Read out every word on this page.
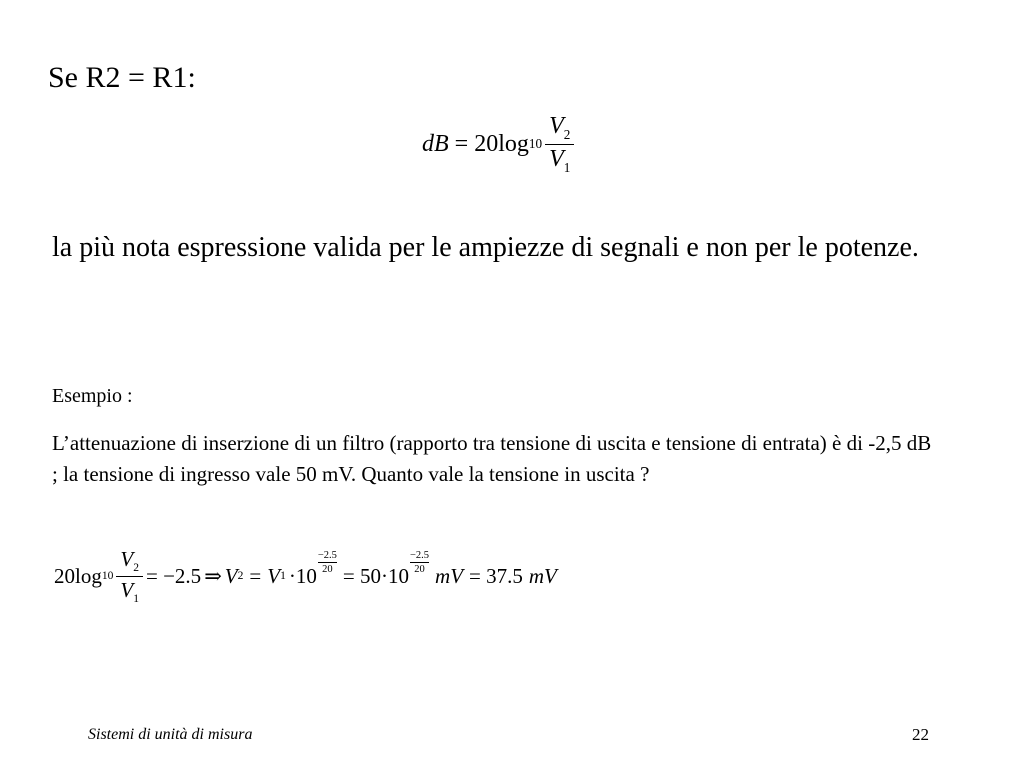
Se R2 = R1:
dB = 20log $10 \frac{V_2}{V_1}$
la più nota espressione valida per le ampiezze di segnali e non per le potenze.
Esempio :
L’attenuazione di inserzione di un filtro (rapporto tra tensione di uscita e tensione di entrata) è di -2,5 dB ; la tensione di ingresso vale 50 mV. Quanto vale la tensione in uscita ?
20log $10 \frac{V_2}{V_1} = -2.5$ ⇒ V 2 = V 1 ·10
−2.5
20 = 50·10
−2.5
20 mV = 37.5 mV
Sistemi di unità di misura	22
